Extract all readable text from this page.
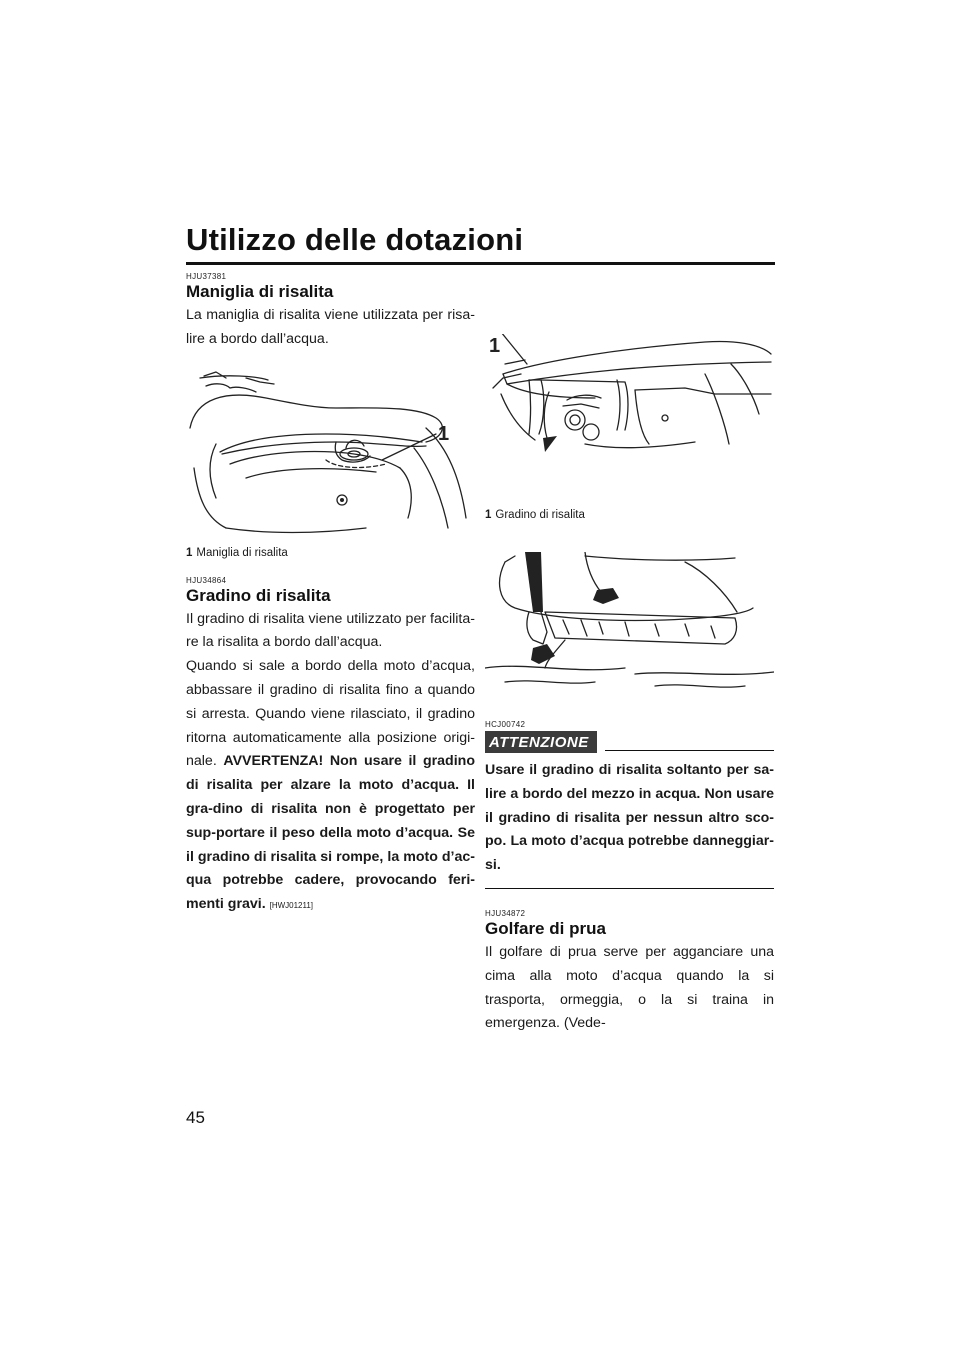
Utilizzo delle dotazioni
HJU37381
Maniglia di risalita

La maniglia di risalita viene utilizzata per risa-lire a bordo dall’acqua.

1
1 Maniglia di risalita
HJU34864
Gradino di risalita

Il gradino di risalita viene utilizzato per facilita-re la risalita a bordo dall’acqua.

Quando si sale a bordo della moto d’acqua, abbassare il gradino di risalita fino a quando si arresta. Quando viene rilasciato, il gradino ritorna automaticamente alla posizione origi-nale. AVVERTENZA! Non usare il gradino di risalita per alzare la moto d’acqua. Il gra-dino di risalita non è progettato per sup-portare il peso della moto d’acqua. Se il gradino di risalita si rompe, la moto d’ac-qua potrebbe cadere, provocando feri-menti gravi. [HWJ01211]

1
1 Gradino di risalita
HCJ00742
ATTENZIONE

Usare il gradino di risalita soltanto per sa-lire a bordo del mezzo in acqua. Non usare il gradino di risalita per nessun altro sco-po. La moto d’acqua potrebbe danneggiar-si.

HJU34872
Golfare di prua

Il golfare di prua serve per agganciare una cima alla moto d’acqua quando la si trasporta, ormeggia, o la si traina in emergenza. (Vede-

45
